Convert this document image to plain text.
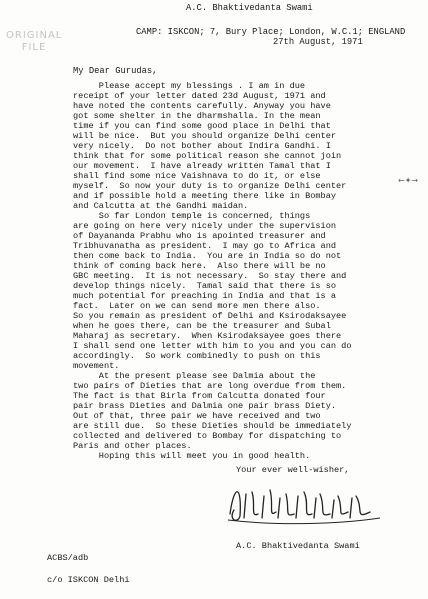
A.C. Bhaktivedanta Swami
ORIGINAL
FILE
CAMP: ISKCON; 7, Bury Place; London, W.C.1; ENGLAND
27th August, 1971
My Dear Gurudas,
Please accept my blessings . I am in due
receipt of your letter dated 23d August, 1971 and
have noted the contents carefully. Anyway you have
got some shelter in the dharmshalla. In the mean
time if you can find some good place in Delhi that
will be nice.  But you should organize Delhi center
very nicely.  Do not bother about Indira Gandhi. I
think that for some political reason she cannot join
our movement.  I have already written Tamal that I
shall find some nice Vaishnava to do it, or else
myself.  So now your duty is to organize Delhi center
and if possible hold a meeting there like in Bombay
and Calcutta at the Gandhi maidan.
So far London temple is concerned, things
are going on here very nicely under the supervision
of Dayananda Prabhu who is apointed treasurer and
Tribhuvanatha as president.  I may go to Africa and
then come back to India.  You are in India so do not
think of coming back here.  Also there will be no
GBC meeting.  It is not necessary.  So stay there and
develop things nicely.  Tamal said that there is so
much potential for preaching in India and that is a
fact.  Later on we can send more men there also.
So you remain as president of Delhi and Ksirodaksayee
when he goes there, can be the treasurer and Subal
Maharaj as secretary.  When Ksirodaksayee goes there
I shall send one letter with him to you and you can do
accordingly.  So work combinedly to push on this
movement.
At the present please see Dalmia about the
two pairs of Dieties that are long overdue from them.
The fact is that Birla from Calcutta donated four
pair brass Dieties and Dalmia one pair brass Diety.
Out of that, three pair we have received and two
are still due.  So these Dieties should be immediately
collected and delivered to Bombay for dispatching to
Paris and other places.
Hoping this will meet you in good health.
Your ever well-wisher,
A.C. Bhaktivedanta Swami
ACBS/adb
c/o ISKCON Delhi
←✦→
